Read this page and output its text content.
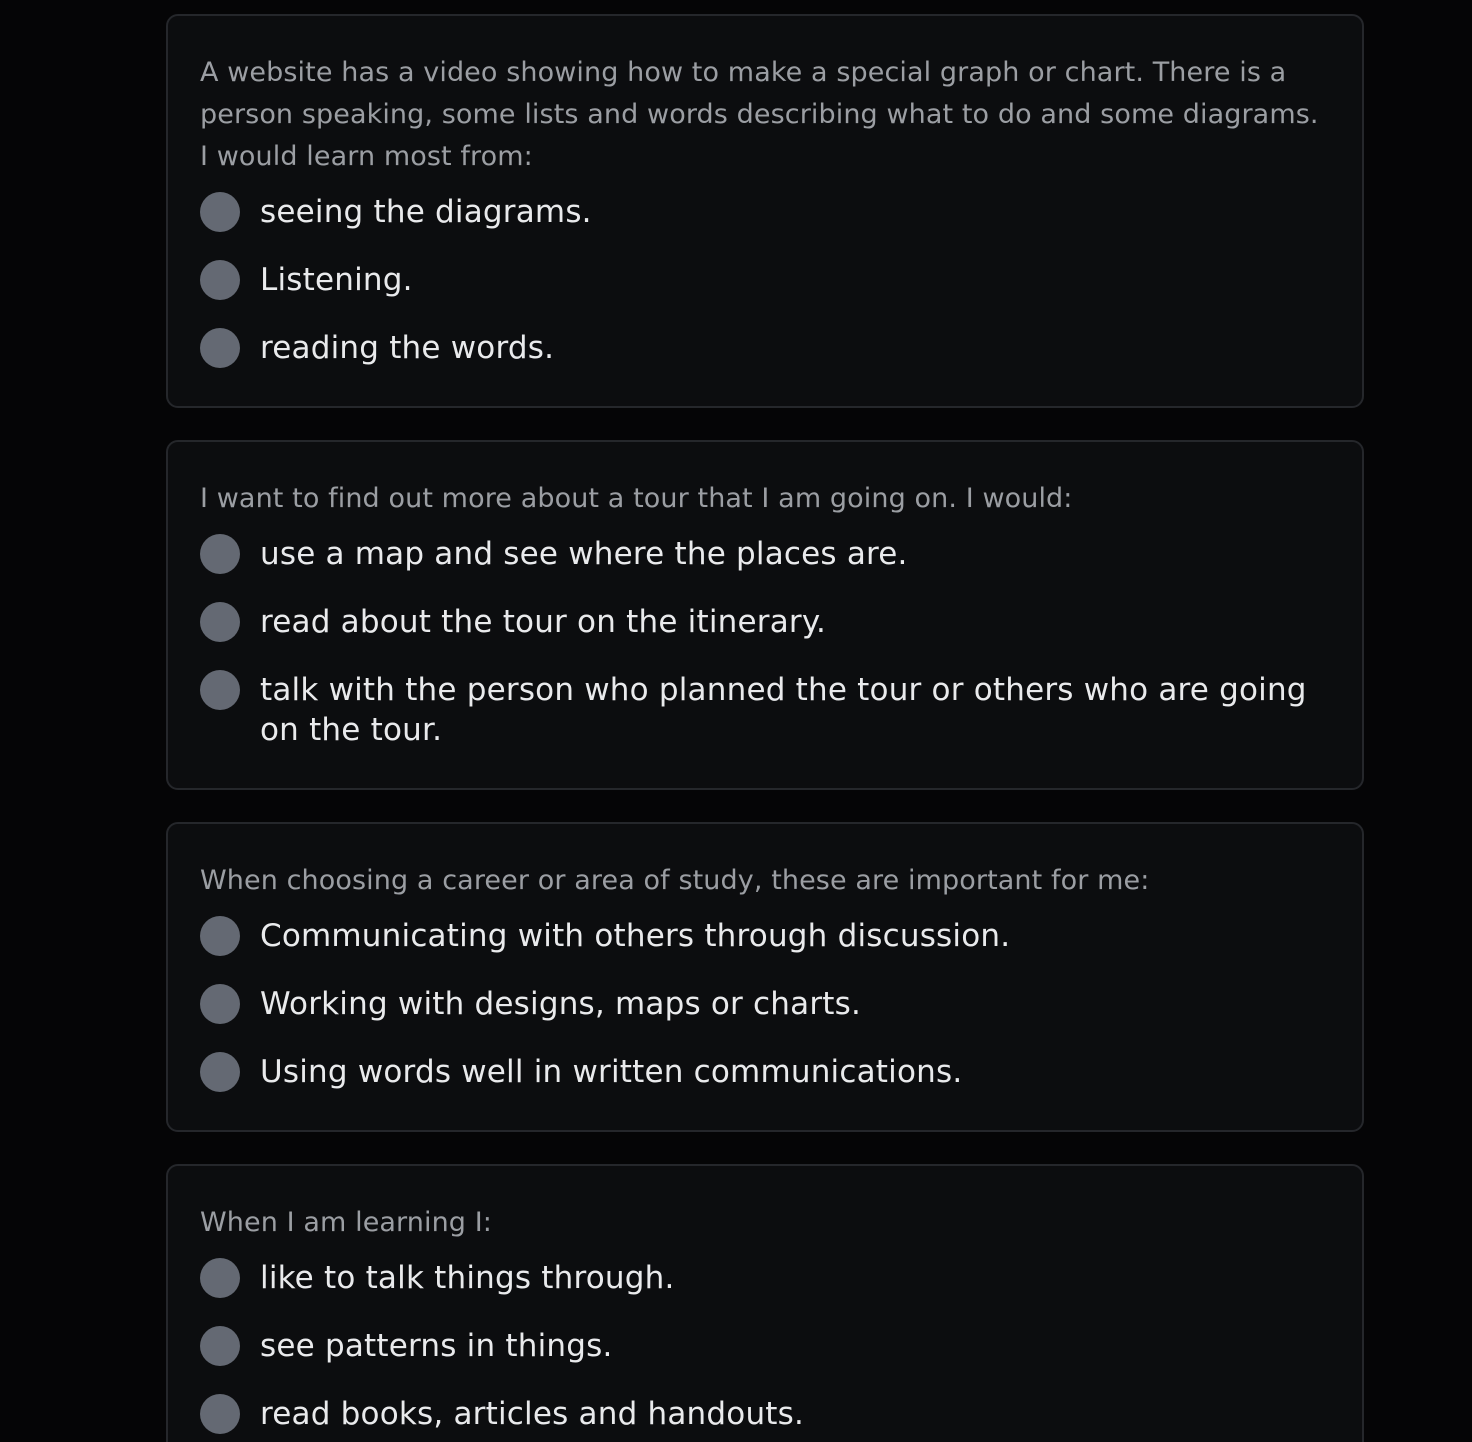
A website has a video showing how to make a special graph or chart. There is a person speaking, some lists and words describing what to do and some diagrams. I would learn most from:

seeing the diagrams.
Listening.
reading the words.

I want to find out more about a tour that I am going on. I would:

use a map and see where the places are.
read about the tour on the itinerary.
talk with the person who planned the tour or others who are going on the tour.

When choosing a career or area of study, these are important for me:

Communicating with others through discussion.
Working with designs, maps or charts.
Using words well in written communications.

When I am learning I:

like to talk things through.
see patterns in things.
read books, articles and handouts.
